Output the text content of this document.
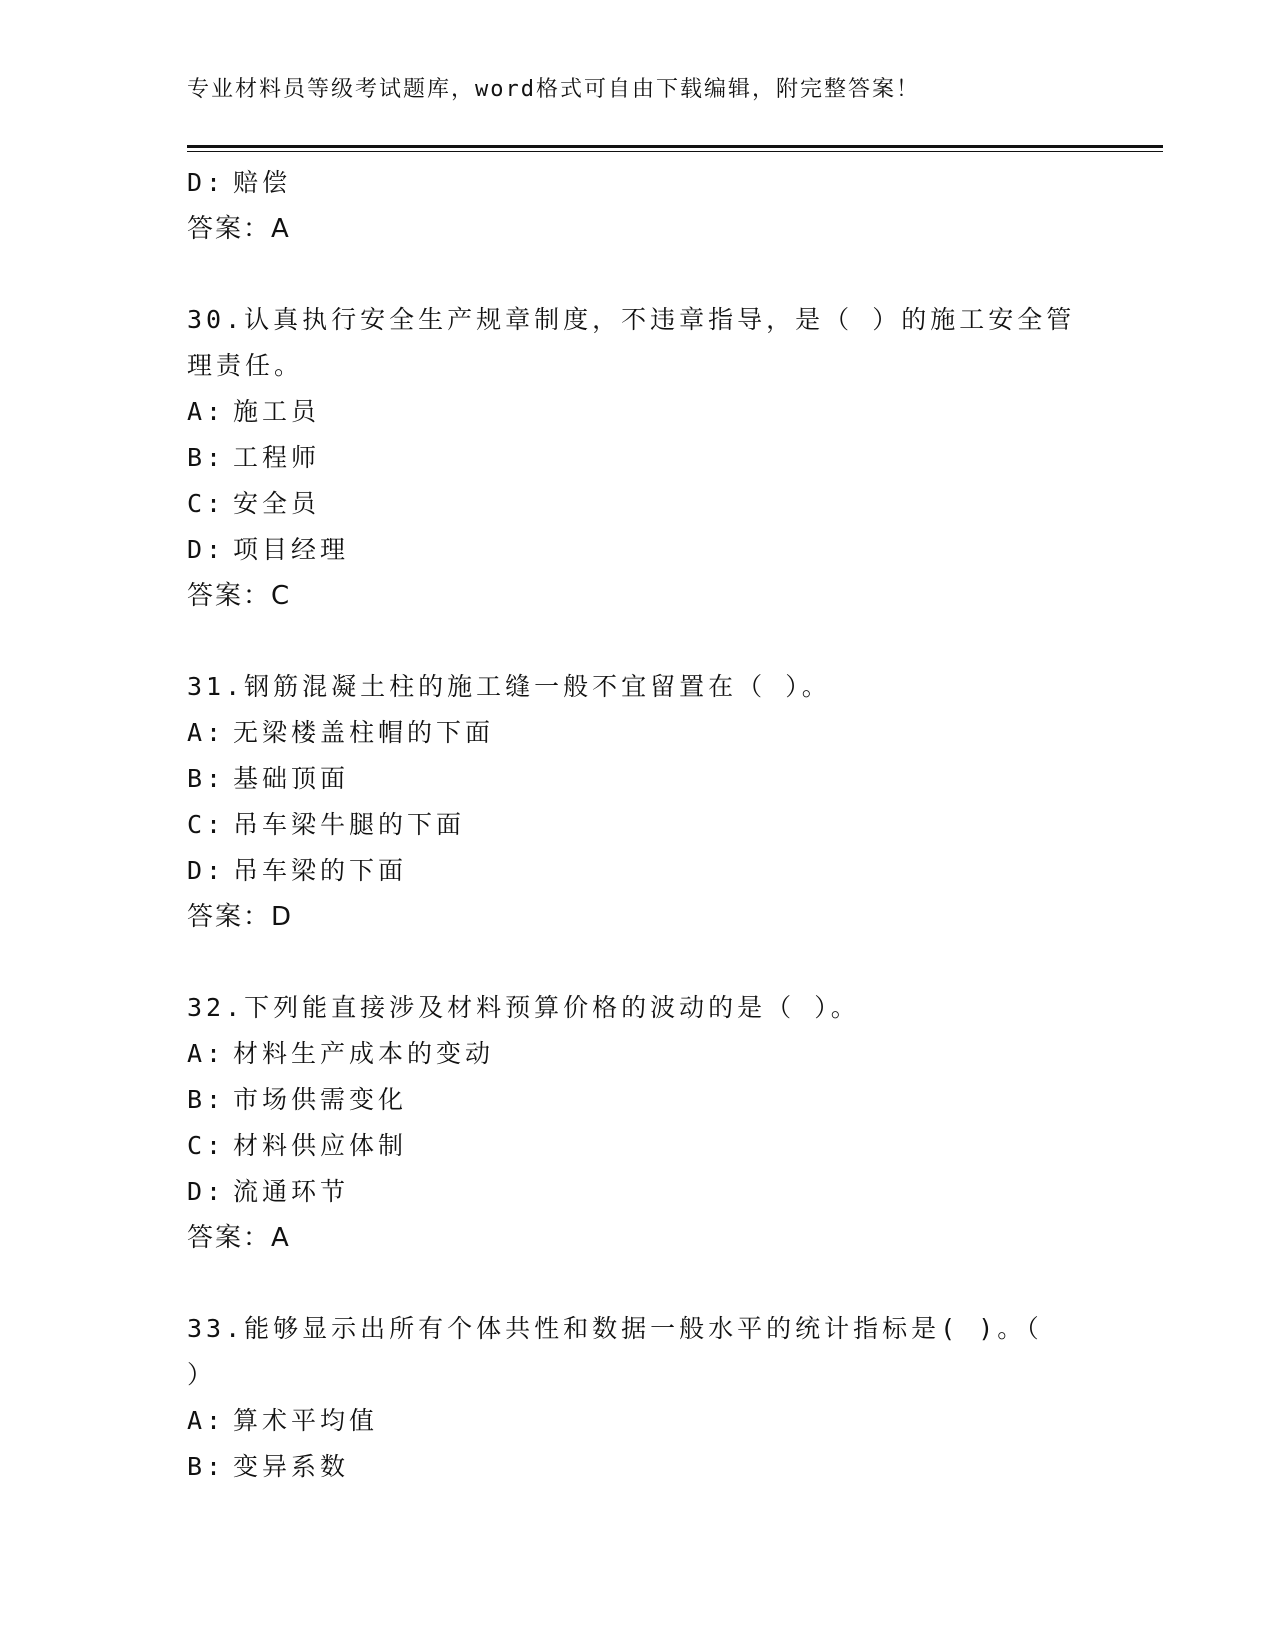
专业材料员等级考试题库，word格式可自由下载编辑，附完整答案！
D: 赔偿
答案：A
30.认真执行安全生产规章制度，不违章指导，是（ ）的施工安全管
理责任。
A: 施工员
B: 工程师
C: 安全员
D: 项目经理
答案：C
31.钢筋混凝土柱的施工缝一般不宜留置在（ ）。
A: 无梁楼盖柱帽的下面
B: 基础顶面
C: 吊车梁牛腿的下面
D: 吊车梁的下面
答案：D
32.下列能直接涉及材料预算价格的波动的是（ ）。
A: 材料生产成本的变动
B: 市场供需变化
C: 材料供应体制
D: 流通环节
答案：A
33.能够显示出所有个体共性和数据一般水平的统计指标是( )。（
）
A: 算术平均值
B: 变异系数
